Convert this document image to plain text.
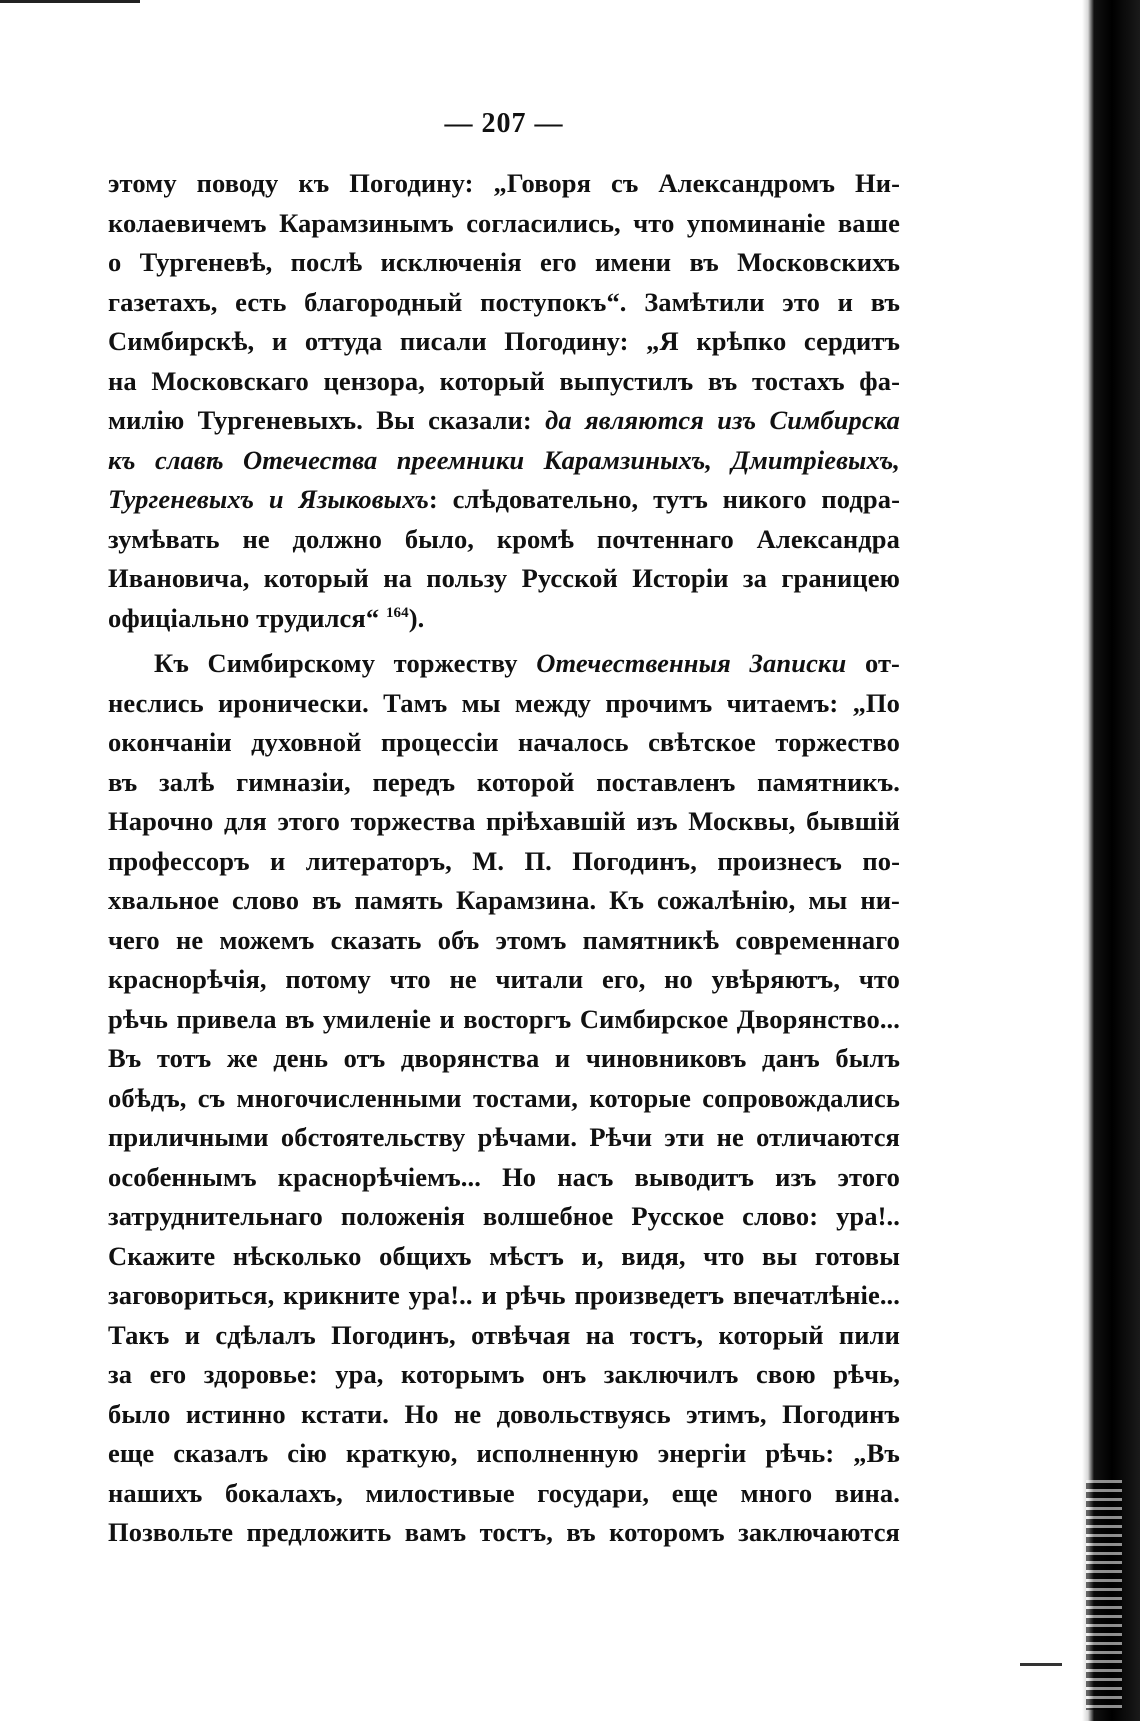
— 207 —
этому поводу къ Погодину: „Говоря съ Александромъ Ни-
колаевичемъ Карамзинымъ согласились, что упоминаніе ваше
о Тургеневѣ, послѣ исключенія его имени въ Московскихъ
газетахъ, есть благородный поступокъ“. Замѣтили это и въ
Симбирскѣ, и оттуда писали Погодину: „Я крѣпко сердитъ
на Московскаго цензора, который выпустилъ въ тостахъ фа-
милію Тургеневыхъ. Вы сказали: да являются изъ Симбирска
къ славѣ Отечества преемники Карамзиныхъ, Дмитріевыхъ,
Тургеневыхъ и Языковыхъ: слѣдовательно, тутъ никого подра-
зумѣвать не должно было, кромѣ почтеннаго Александра
Ивановича, который на пользу Русской Исторіи за границею
офиціально трудился“ $^{164}$).
Къ Симбирскому торжеству Отечественныя Записки от-
неслись иронически. Тамъ мы между прочимъ читаемъ: „По
окончаніи духовной процессіи началось свѣтское торжество
въ залѣ гимназіи, передъ которой поставленъ памятникъ.
Нарочно для этого торжества пріѣхавшій изъ Москвы, бывшій
профессоръ и литераторъ, М. П. Погодинъ, произнесъ по-
хвальное слово въ память Карамзина. Къ сожалѣнію, мы ни-
чего не можемъ сказать объ этомъ памятникѣ современнаго
краснорѣчія, потому что не читали его, но увѣряютъ, что
рѣчь привела въ умиленіе и восторгъ Симбирское Дворянство...
Въ тотъ же день отъ дворянства и чиновниковъ данъ былъ
обѣдъ, съ многочисленными тостами, которые сопровождались
приличными обстоятельству рѣчами. Рѣчи эти не отличаются
особеннымъ краснорѣчіемъ... Но насъ выводитъ изъ этого
затруднительнаго положенія волшебное Русское слово: ура!..
Скажите нѣсколько общихъ мѣстъ и, видя, что вы готовы
заговориться, крикните ура!.. и рѣчь произведетъ впечатлѣніе...
Такъ и сдѣлалъ Погодинъ, отвѣчая на тостъ, который пили
за его здоровье: ура, которымъ онъ заключилъ свою рѣчь,
было истинно кстати. Но не довольствуясь этимъ, Погодинъ
еще сказалъ сію краткую, исполненную энергіи рѣчь: „Въ
нашихъ бокалахъ, милостивые государи, еще много вина.
Позвольте предложить вамъ тостъ, въ которомъ заключаются
